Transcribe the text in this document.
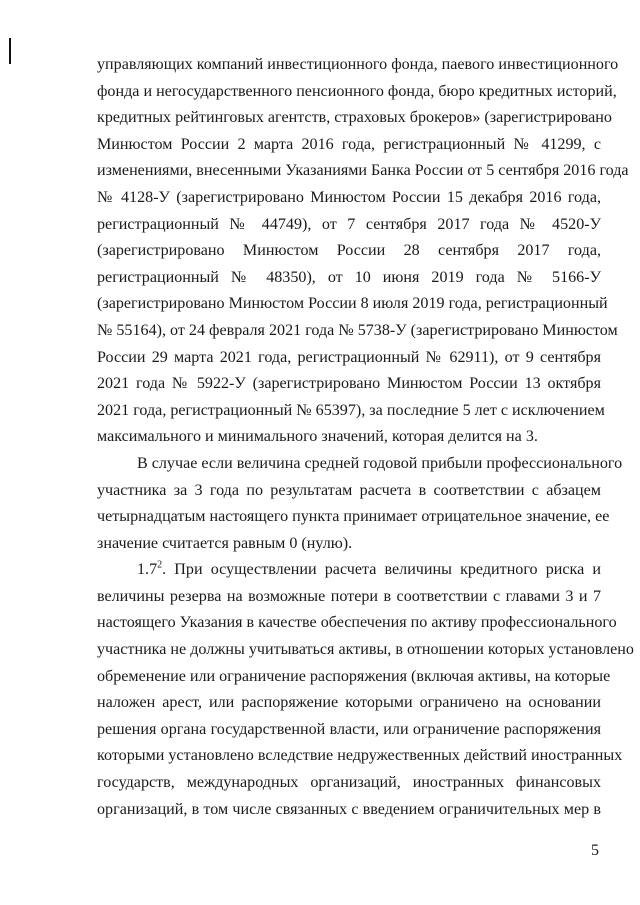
управляющих компаний инвестиционного фонда, паевого инвестиционного
фонда и негосударственного пенсионного фонда, бюро кредитных историй,
кредитных рейтинговых агентств, страховых брокеров» (зарегистрировано
Минюстом России 2 марта 2016 года, регистрационный № 41299, с
изменениями, внесенными Указаниями Банка России от 5 сентября 2016 года
№ 4128-У (зарегистрировано Минюстом России 15 декабря 2016 года,
регистрационный № 44749), от 7 сентября 2017 года № 4520-У
(зарегистрировано Минюстом России 28 сентября 2017 года,
регистрационный № 48350), от 10 июня 2019 года № 5166-У
(зарегистрировано Минюстом России 8 июля 2019 года, регистрационный
№ 55164), от 24 февраля 2021 года № 5738-У (зарегистрировано Минюстом
России 29 марта 2021 года, регистрационный № 62911), от 9 сентября
2021 года № 5922-У (зарегистрировано Минюстом России 13 октября
2021 года, регистрационный № 65397), за последние 5 лет с исключением
максимального и минимального значений, которая делится на 3.
В случае если величина средней годовой прибыли профессионального
участника за 3 года по результатам расчета в соответствии с абзацем
четырнадцатым настоящего пункта принимает отрицательное значение, ее
значение считается равным 0 (нулю).
$1.7^2$. При осуществлении расчета величины кредитного риска и
величины резерва на возможные потери в соответствии с главами 3 и 7
настоящего Указания в качестве обеспечения по активу профессионального
участника не должны учитываться активы, в отношении которых установлено
обременение или ограничение распоряжения (включая активы, на которые
наложен арест, или распоряжение которыми ограничено на основании
решения органа государственной власти, или ограничение распоряжения
которыми установлено вследствие недружественных действий иностранных
государств, международных организаций, иностранных финансовых
организаций, в том числе связанных с введением ограничительных мер в
5
